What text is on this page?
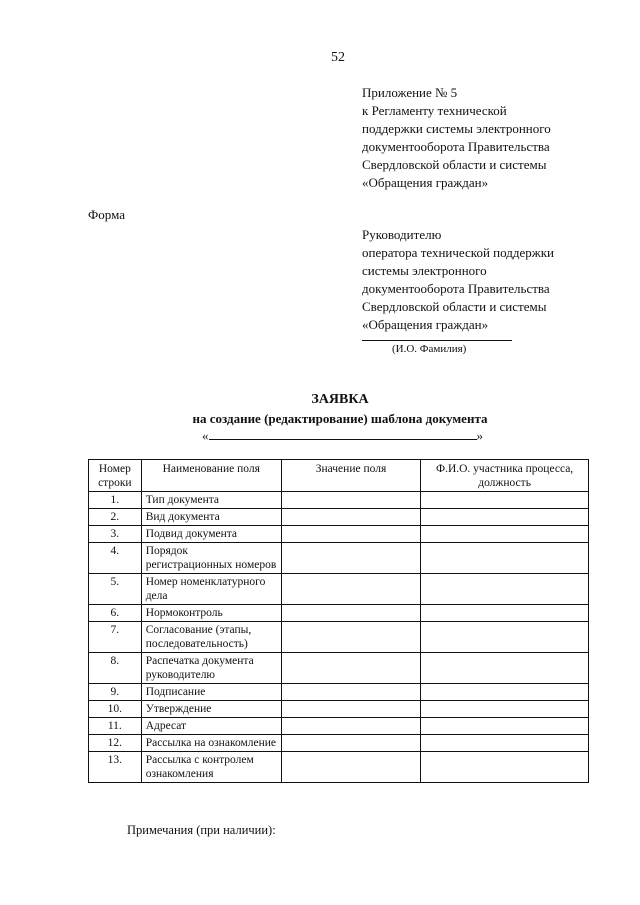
52
Приложение № 5
к Регламенту технической
поддержки системы электронного
документооборота Правительства
Свердловской области и системы
«Обращения граждан»
Форма
Руководителю
оператора технической поддержки
системы электронного
документооборота Правительства
Свердловской области и системы
«Обращения граждан»
(И.О. Фамилия)
ЗАЯВКА
на создание (редактирование) шаблона документа
«	»
Номер строки	Наименование поля	Значение поля	Ф.И.О. участника процесса, должность
1.	Тип документа		
2.	Вид документа		
3.	Подвид документа		
4.	Порядок регистрационных номеров		
5.	Номер номенклатурного дела		
6.	Нормоконтроль		
7.	Согласование (этапы, последовательность)		
8.	Распечатка документа руководителю		
9.	Подписание		
10.	Утверждение		
11.	Адресат		
12.	Рассылка на ознакомление		
13.	Рассылка с контролем ознакомления		
Примечания (при наличии):
